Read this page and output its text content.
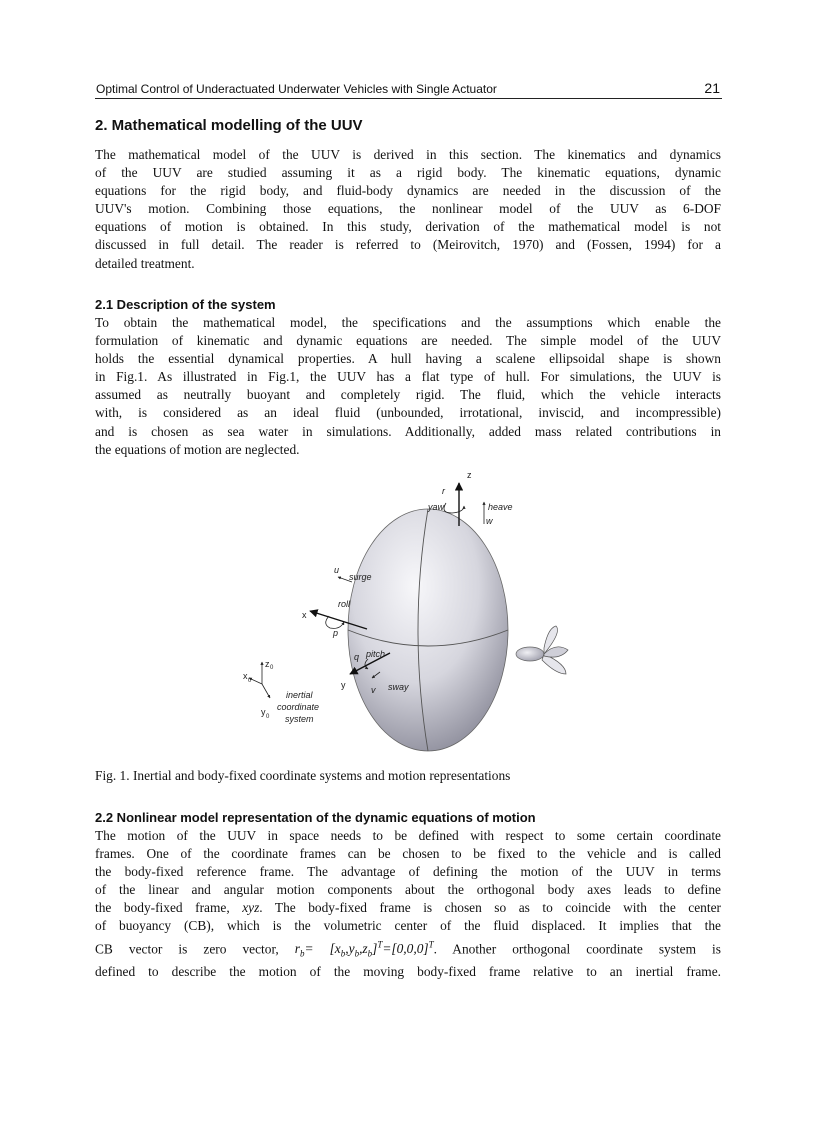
Optimal Control of Underactuated Underwater Vehicles with Single Actuator	21
2. Mathematical modelling of the UUV

The mathematical model of the UUV is derived in this section. The kinematics and dynamics
of the UUV are studied assuming it as a rigid body. The kinematic equations, dynamic
equations for the rigid body, and fluid-body dynamics are needed in the discussion of the
UUV's motion. Combining those equations, the nonlinear model of the UUV as 6-DOF
equations of motion is obtained. In this study, derivation of the mathematical model is not
discussed in full detail. The reader is referred to (Meirovitch, 1970) and (Fossen, 1994) for a
detailed treatment.

2.1 Description of the system

To obtain the mathematical model, the specifications and the assumptions which enable the
formulation of kinematic and dynamic equations are needed. The simple model of the UUV
holds the essential dynamical properties. A hull having a scalene ellipsoidal shape is shown
in Fig.1. As illustrated in Fig.1, the UUV has a flat type of hull. For simulations, the UUV is
assumed as neutrally buoyant and completely rigid. The fluid, which the vehicle interacts
with, is considered as an ideal fluid (unbounded, irrotational, inviscid, and incompressible)
and is chosen as sea water in simulations. Additionally, added mass related contributions in
the equations of motion are neglected.

z
r
yaw	heave
w
u
surge
roll
x
p
q pitch
y	v sway
z 0
x 0
y 0
inertial
coordinate
system
Fig. 1. Inertial and body-fixed coordinate systems and motion representations
2.2 Nonlinear model representation of the dynamic equations of motion

The motion of the UUV in space needs to be defined with respect to some certain coordinate
frames. One of the coordinate frames can be chosen to be fixed to the vehicle and is called
the body-fixed reference frame. The advantage of defining the motion of the UUV in terms
of the linear and angular motion components about the orthogonal body axes leads to define
the body-fixed frame, xyz. The body-fixed frame is chosen so as to coincide with the center
of buoyancy (CB), which is the volumetric center of the fluid displaced. It implies that the
CB vector is zero vector, $r_b= [x_b,y_b,z_b]^T=[0,0,0]^T$. Another orthogonal coordinate system is
defined to describe the motion of the moving body-fixed frame relative to an inertial frame.
